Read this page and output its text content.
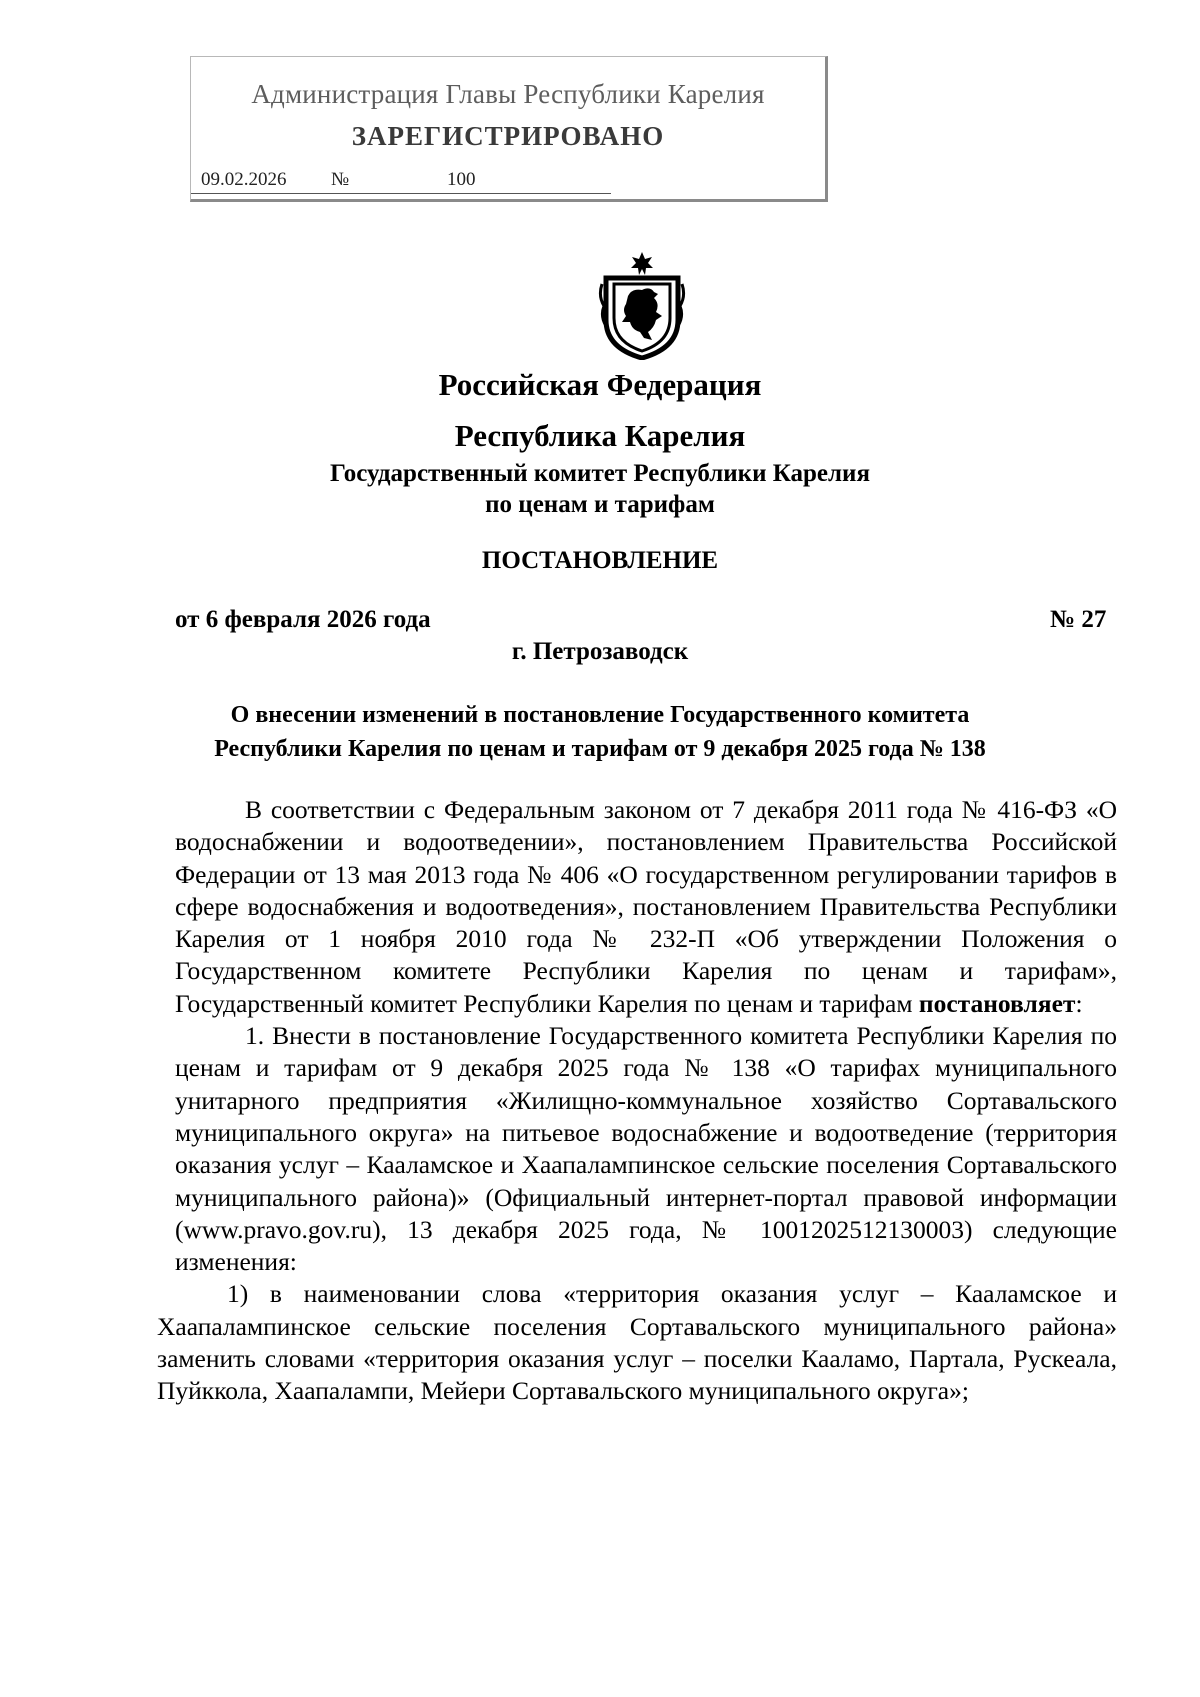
Администрация Главы Республики Карелия
ЗАРЕГИСТРИРОВАНО
09.02.2026 №	100
Российская Федерация
Республика Карелия
Государственный комитет Республики Карелия
по ценам и тарифам
ПОСТАНОВЛЕНИЕ
от 6 февраля 2026 года	№ 27
г. Петрозаводск
О внесении изменений в постановление Государственного комитета
Республики Карелия по ценам и тарифам от 9 декабря 2025 года № 138

В соответствии с Федеральным законом от 7 декабря 2011 года № 416-ФЗ «О водоснабжении и водоотведении», постановлением Правительства Российской Федерации от 13 мая 2013 года № 406 «О государственном регулировании тарифов в сфере водоснабжения и водоотведения», постановлением Правительства Республики Карелия от 1 ноября 2010 года № 232-П «Об утверждении Положения о Государственном комитете Республики Карелия по ценам и тарифам», Государственный комитет Республики Карелия по ценам и тарифам постановляет:

1. Внести в постановление Государственного комитета Республики Карелия по ценам и тарифам от 9 декабря 2025 года № 138 «О тарифах муниципального унитарного предприятия «Жилищно-коммунальное хозяйство Сортавальского муниципального округа» на питьевое водоснабжение и водоотведение (территория оказания услуг – Кааламское и Хаапалампинское сельские поселения Сортавальского муниципального района)» (Официальный интернет-портал правовой информации (www.pravo.gov.ru), 13 декабря 2025 года, № 1001202512130003) следующие изменения:

1) в наименовании слова «территория оказания услуг – Кааламское и Хаапалампинское сельские поселения Сортавальского муниципального района» заменить словами «территория оказания услуг – поселки Кааламо, Партала, Рускеала, Пуйккола, Хаапалампи, Мейери Сортавальского муниципального округа»;
